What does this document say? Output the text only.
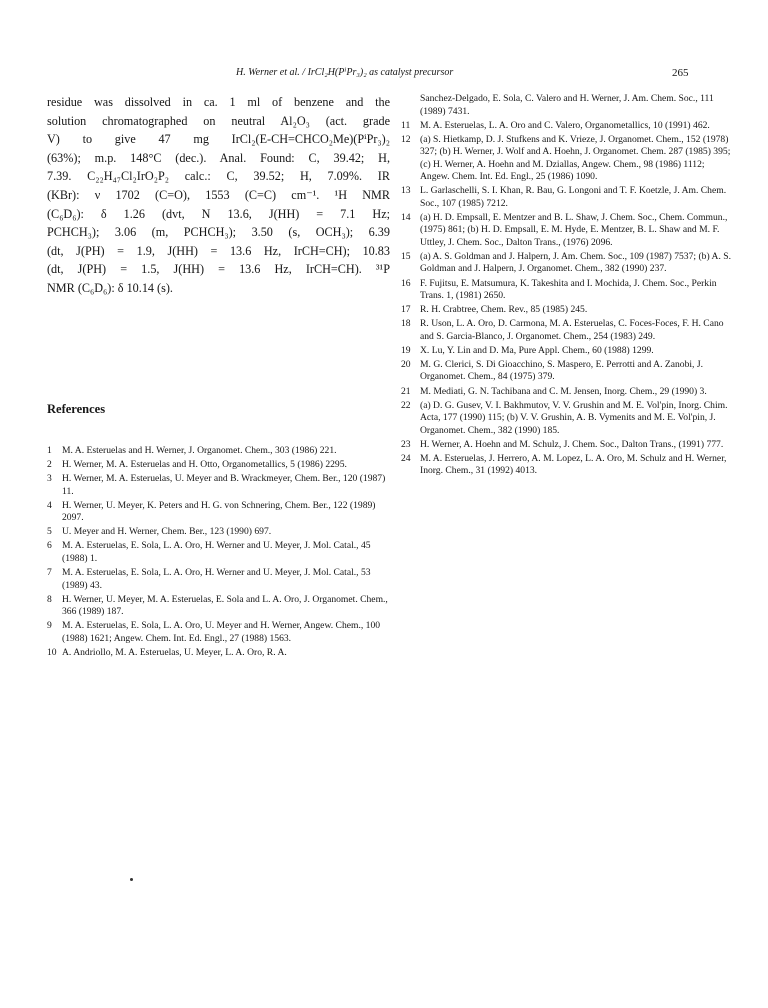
H. Werner et al. / IrCl₂H(PⁱPr₃)₂ as catalyst precursor	265
residue was dissolved in ca. 1 ml of benzene and the
solution chromatographed on neutral Al₂O₃ (act. grade
V) to give 47 mg IrCl₂(E-CH=CHCO₂Me)(PⁱPr₃)₂
(63%); m.p. 148°C (dec.). Anal. Found: C, 39.42; H,
7.39. C₂₂H₄₇Cl₂IrO₂P₂ calc.: C, 39.52; H, 7.09%. IR
(KBr): ν 1702 (C=O), 1553 (C=C) cm⁻¹. ¹H NMR
(C₆D₆): δ 1.26 (dvt, N 13.6, J(HH) = 7.1 Hz;
PCHCH₃); 3.06 (m, PCHCH₃); 3.50 (s, OCH₃); 6.39
(dt, J(PH) = 1.9, J(HH) = 13.6 Hz, IrCH=CH); 10.83
(dt, J(PH) = 1.5, J(HH) = 13.6 Hz, IrCH=CH). ³¹P
NMR (C₆D₆): δ 10.14 (s).
References
1 M. A. Esteruelas and H. Werner, J. Organomet. Chem., 303 (1986) 221.
2 H. Werner, M. A. Esteruelas and H. Otto, Organometallics, 5 (1986) 2295.
3 H. Werner, M. A. Esteruelas, U. Meyer and B. Wrackmeyer, Chem. Ber., 120 (1987) 11.
4 H. Werner, U. Meyer, K. Peters and H. G. von Schnering, Chem. Ber., 122 (1989) 2097.
5 U. Meyer and H. Werner, Chem. Ber., 123 (1990) 697.
6 M. A. Esteruelas, E. Sola, L. A. Oro, H. Werner and U. Meyer, J. Mol. Catal., 45 (1988) 1.
7 M. A. Esteruelas, E. Sola, L. A. Oro, H. Werner and U. Meyer, J. Mol. Catal., 53 (1989) 43.
8 H. Werner, U. Meyer, M. A. Esteruelas, E. Sola and L. A. Oro, J. Organomet. Chem., 366 (1989) 187.
9 M. A. Esteruelas, E. Sola, L. A. Oro, U. Meyer and H. Werner, Angew. Chem., 100 (1988) 1621; Angew. Chem. Int. Ed. Engl., 27 (1988) 1563.
10 A. Andriollo, M. A. Esteruelas, U. Meyer, L. A. Oro, R. A.
Sanchez-Delgado, E. Sola, C. Valero and H. Werner, J. Am. Chem. Soc., 111 (1989) 7431.
11 M. A. Esteruelas, L. A. Oro and C. Valero, Organometallics, 10 (1991) 462.
12 (a) S. Hietkamp, D. J. Stufkens and K. Vrieze, J. Organomet. Chem., 152 (1978) 327; (b) H. Werner, J. Wolf and A. Hoehn, J. Organomet. Chem. 287 (1985) 395; (c) H. Werner, A. Hoehn and M. Dziallas, Angew. Chem., 98 (1986) 1112; Angew. Chem. Int. Ed. Engl., 25 (1986) 1090.
13 L. Garlaschelli, S. I. Khan, R. Bau, G. Longoni and T. F. Koetzle, J. Am. Chem. Soc., 107 (1985) 7212.
14 (a) H. D. Empsall, E. Mentzer and B. L. Shaw, J. Chem. Soc., Chem. Commun., (1975) 861; (b) H. D. Empsall, E. M. Hyde, E. Mentzer, B. L. Shaw and M. F. Uttley, J. Chem. Soc., Dalton Trans., (1976) 2096.
15 (a) A. S. Goldman and J. Halpern, J. Am. Chem. Soc., 109 (1987) 7537; (b) A. S. Goldman and J. Halpern, J. Organomet. Chem., 382 (1990) 237.
16 F. Fujitsu, E. Matsumura, K. Takeshita and I. Mochida, J. Chem. Soc., Perkin Trans. 1, (1981) 2650.
17 R. H. Crabtree, Chem. Rev., 85 (1985) 245.
18 R. Uson, L. A. Oro, D. Carmona, M. A. Esteruelas, C. Foces-Foces, F. H. Cano and S. Garcia-Blanco, J. Organomet. Chem., 254 (1983) 249.
19 X. Lu, Y. Lin and D. Ma, Pure Appl. Chem., 60 (1988) 1299.
20 M. G. Clerici, S. Di Gioacchino, S. Maspero, E. Perrotti and A. Zanobi, J. Organomet. Chem., 84 (1975) 379.
21 M. Mediati, G. N. Tachibana and C. M. Jensen, Inorg. Chem., 29 (1990) 3.
22 (a) D. G. Gusev, V. I. Bakhmutov, V. V. Grushin and M. E. Vol'pin, Inorg. Chim. Acta, 177 (1990) 115; (b) V. V. Grushin, A. B. Vymenits and M. E. Vol'pin, J. Organomet. Chem., 382 (1990) 185.
23 H. Werner, A. Hoehn and M. Schulz, J. Chem. Soc., Dalton Trans., (1991) 777.
24 M. A. Esteruelas, J. Herrero, A. M. Lopez, L. A. Oro, M. Schulz and H. Werner, Inorg. Chem., 31 (1992) 4013.
